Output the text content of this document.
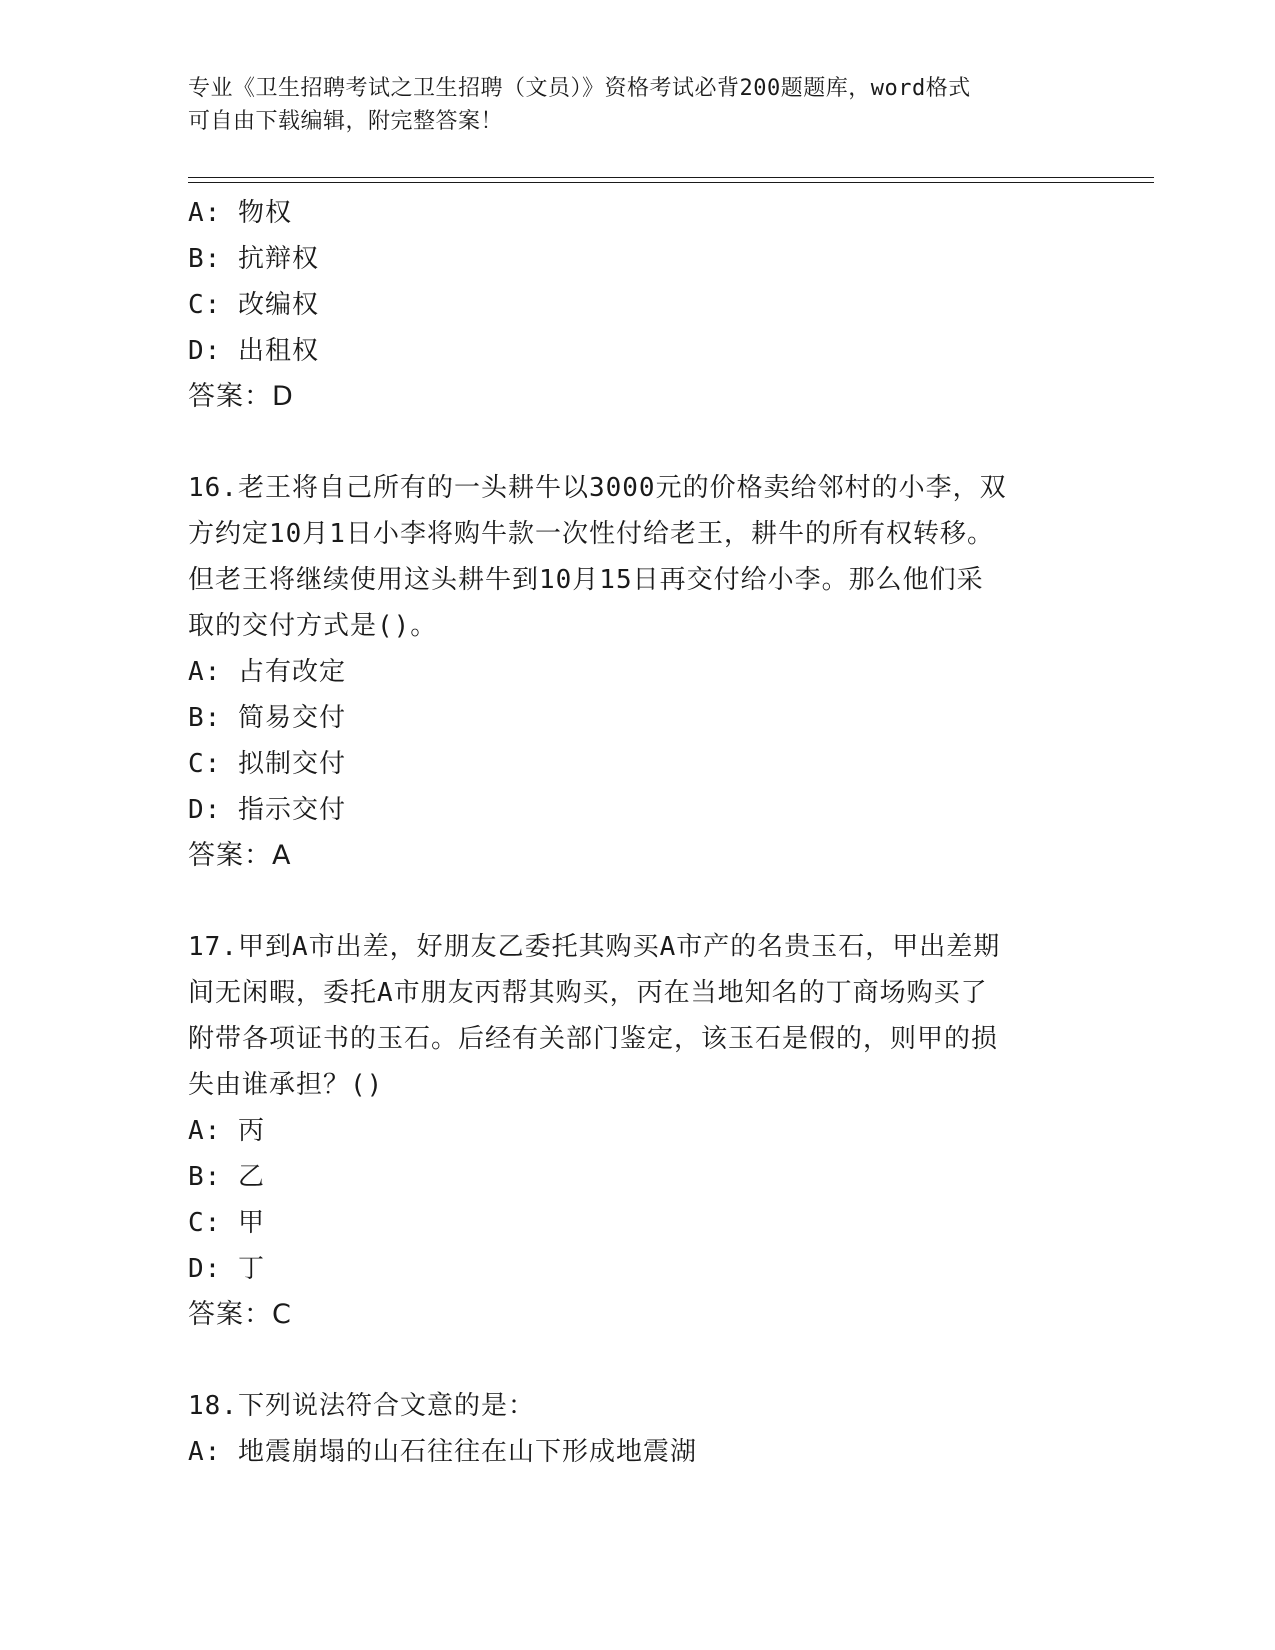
专业《卫生招聘考试之卫生招聘（文员）》资格考试必背200题题库，word格式
可自由下载编辑，附完整答案！
A: 物权
B: 抗辩权
C: 改编权
D: 出租权
答案：D
16.老王将自己所有的一头耕牛以3000元的价格卖给邻村的小李，双
方约定10月1日小李将购牛款一次性付给老王，耕牛的所有权转移。
但老王将继续使用这头耕牛到10月15日再交付给小李。那么他们采
取的交付方式是()。
A: 占有改定
B: 简易交付
C: 拟制交付
D: 指示交付
答案：A
17.甲到A市出差，好朋友乙委托其购买A市产的名贵玉石，甲出差期
间无闲暇，委托A市朋友丙帮其购买，丙在当地知名的丁商场购买了
附带各项证书的玉石。后经有关部门鉴定，该玉石是假的，则甲的损
失由谁承担？()
A: 丙
B: 乙
C: 甲
D: 丁
答案：C
18.下列说法符合文意的是：
A: 地震崩塌的山石往往在山下形成地震湖
